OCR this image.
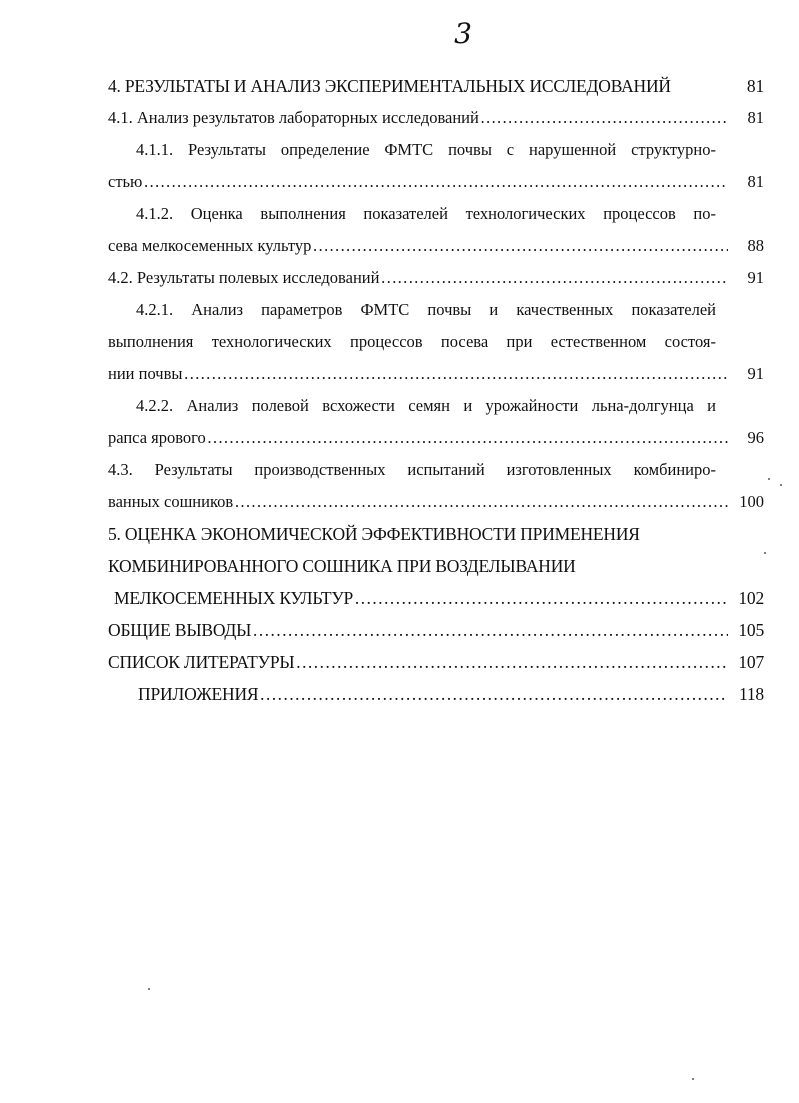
3
4. РЕЗУЛЬТАТЫ И АНАЛИЗ ЭКСПЕРИМЕНТАЛЬНЫХ ИССЛЕДОВАНИЙ	81
4.1. Анализ результатов лабораторных исследований …………………………………………………………………………………………………………………………………………………………………………	81
4.1.1. Результаты определение ФМТС почвы с нарушенной структурно-
стью …………………………………………………………………………………………………………………………………………………………………………	81
4.1.2. Оценка выполнения показателей технологических процессов по-
сева мелкосеменных культур …………………………………………………………………………………………………………………………………………………………………………	88
4.2. Результаты полевых исследований …………………………………………………………………………………………………………………………………………………………………………	91
4.2.1. Анализ параметров ФМТС почвы и качественных показателей
выполнения технологических процессов посева при естественном состоя-
нии почвы …………………………………………………………………………………………………………………………………………………………………………	91
4.2.2. Анализ полевой всхожести семян и урожайности льна-долгунца и
рапса ярового …………………………………………………………………………………………………………………………………………………………………………	96
4.3. Результаты производственных испытаний изготовленных комбиниро-
ванных сошников …………………………………………………………………………………………………………………………………………………………………………	100
5. ОЦЕНКА ЭКОНОМИЧЕСКОЙ ЭФФЕКТИВНОСТИ ПРИМЕНЕНИЯ
КОМБИНИРОВАННОГО СОШНИКА ПРИ ВОЗДЕЛЫВАНИИ
МЕЛКОСЕМЕННЫХ КУЛЬТУР …………………………………………………………………………………………………………………………………………………………………………	102
ОБЩИЕ ВЫВОДЫ …………………………………………………………………………………………………………………………………………………………………………	105
СПИСОК ЛИТЕРАТУРЫ …………………………………………………………………………………………………………………………………………………………………………	107
ПРИЛОЖЕНИЯ …………………………………………………………………………………………………………………………………………………………………………	118
